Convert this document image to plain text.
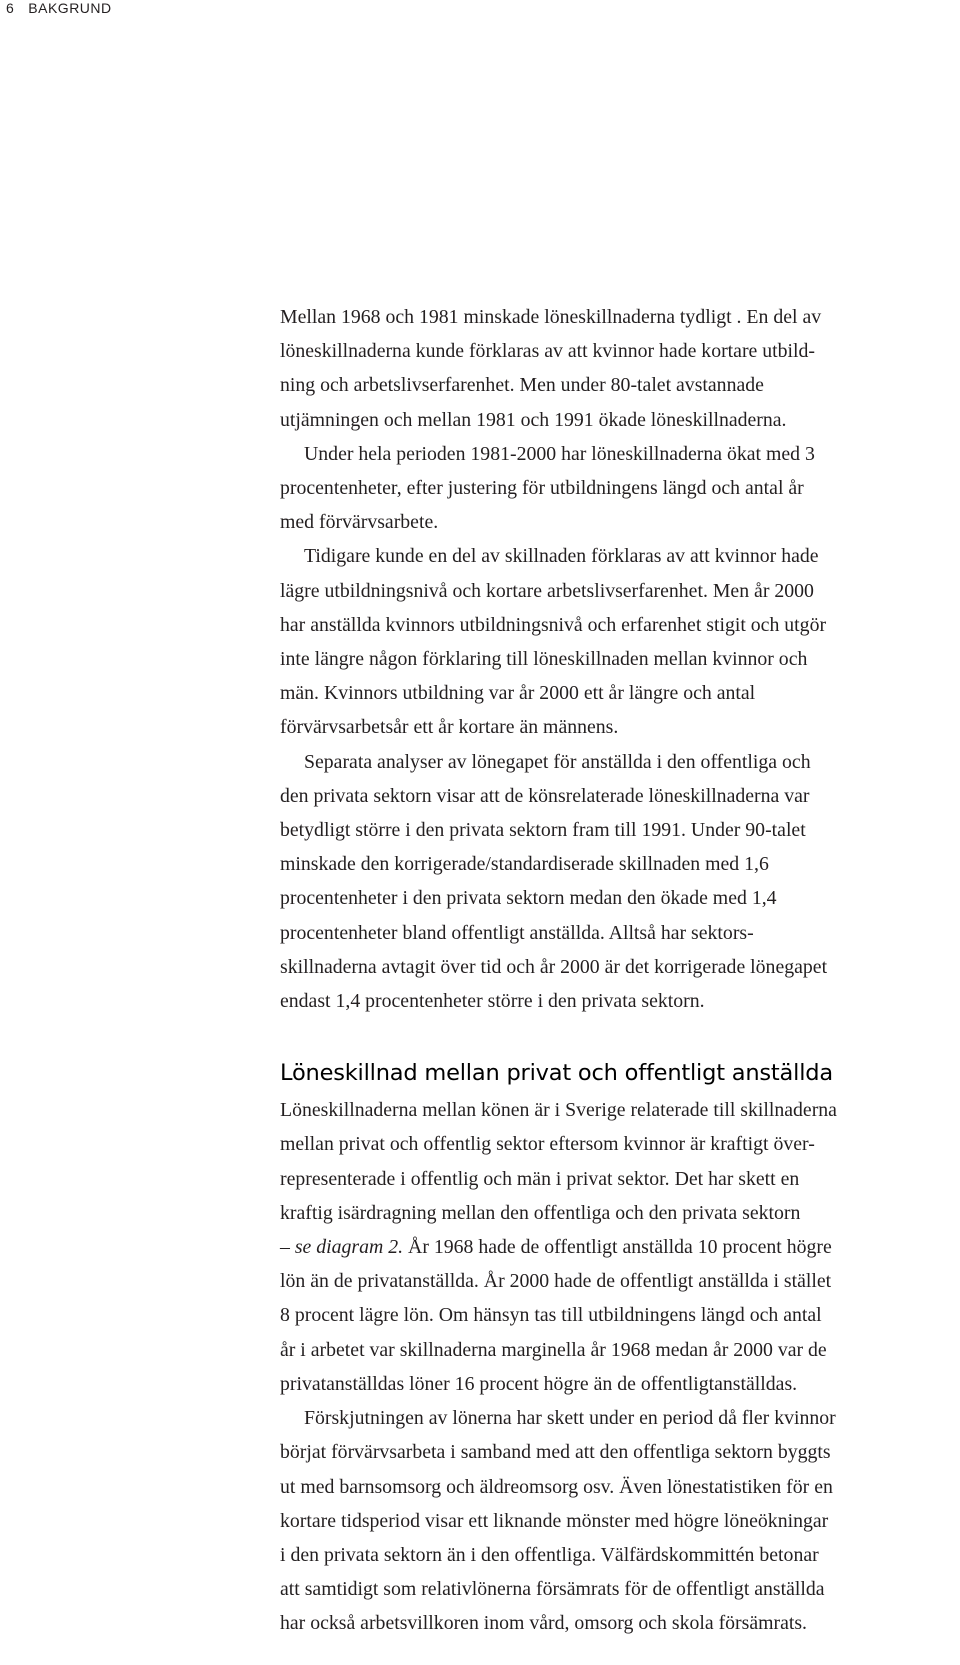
6 BAKGRUND

Mellan 1968 och 1981 minskade löneskillnaderna tydligt . En del av
löneskillnaderna kunde förklaras av att kvinnor hade kortare utbild-
ning och arbetslivserfarenhet. Men under 80-talet avstannade
utjämningen och mellan 1981 och 1991 ökade löneskillnaderna.

Under hela perioden 1981-2000 har löneskillnaderna ökat med 3
procentenheter, efter justering för utbildningens längd och antal år
med förvärvsarbete.

Tidigare kunde en del av skillnaden förklaras av att kvinnor hade
lägre utbildningsnivå och kortare arbetslivserfarenhet. Men år 2000
har anställda kvinnors utbildningsnivå och erfarenhet stigit och utgör
inte längre någon förklaring till löneskillnaden mellan kvinnor och
män. Kvinnors utbildning var år 2000 ett år längre och antal
förvärvsarbetsår ett år kortare än männens.

Separata analyser av lönegapet för anställda i den offentliga och
den privata sektorn visar att de könsrelaterade löneskillnaderna var
betydligt större i den privata sektorn fram till 1991. Under 90-talet
minskade den korrigerade/standardiserade skillnaden med 1,6
procentenheter i den privata sektorn medan den ökade med 1,4
procentenheter bland offentligt anställda. Alltså har sektors-
skillnaderna avtagit över tid och år 2000 är det korrigerade lönegapet
endast 1,4 procentenheter större i den privata sektorn.

Löneskillnad mellan privat och offentligt anställda

Löneskillnaderna mellan könen är i Sverige relaterade till skillnaderna
mellan privat och offentlig sektor eftersom kvinnor är kraftigt över-
representerade i offentlig och män i privat sektor. Det har skett en
kraftig isärdragning mellan den offentliga och den privata sektorn
– se diagram 2. År 1968 hade de offentligt anställda 10 procent högre
lön än de privatanställda. År 2000 hade de offentligt anställda i stället
8 procent lägre lön. Om hänsyn tas till utbildningens längd och antal
år i arbetet var skillnaderna marginella år 1968 medan år 2000 var de
privatanställdas löner 16 procent högre än de offentligtanställdas.

Förskjutningen av lönerna har skett under en period då fler kvinnor
börjat förvärvsarbeta i samband med att den offentliga sektorn byggts
ut med barnsomsorg och äldreomsorg osv. Även lönestatistiken för en
kortare tidsperiod visar ett liknande mönster med högre löneökningar
i den privata sektorn än i den offentliga. Välfärdskommittén betonar
att samtidigt som relativlönerna försämrats för de offentligt anställda
har också arbetsvillkoren inom vård, omsorg och skola försämrats.
